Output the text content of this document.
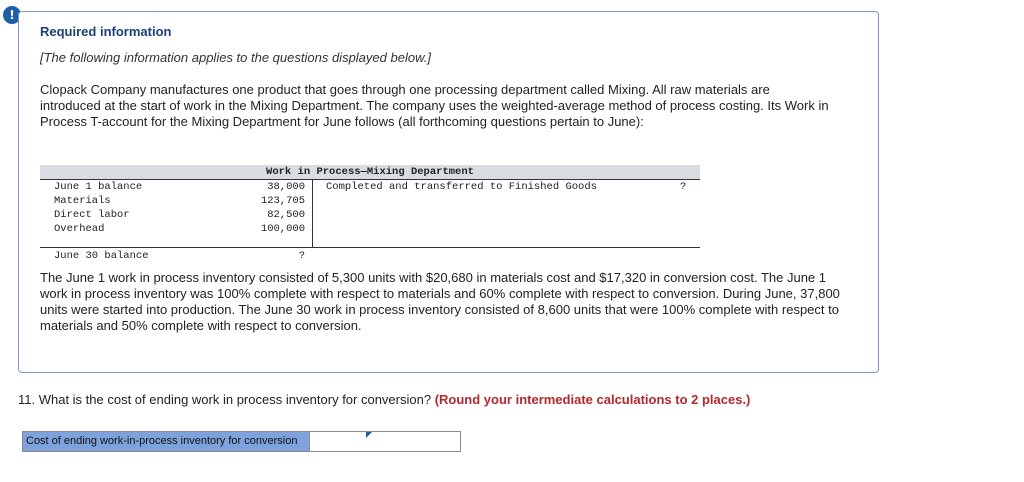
!
Required information
[The following information applies to the questions displayed below.]
Clopack Company manufactures one product that goes through one processing department called Mixing. All raw materials are introduced at the start of work in the Mixing Department. The company uses the weighted-average method of process costing. Its Work in Process T-account for the Mixing Department for June follows (all forthcoming questions pertain to June):
Work in Process—Mixing Department
June 1 balance	38,000 Completed and transferred to Finished Goods	?
Materials	123,705
Direct labor	82,500
Overhead	100,000
June 30 balance	?
The June 1 work in process inventory consisted of 5,300 units with $20,680 in materials cost and $17,320 in conversion cost. The June 1 work in process inventory was 100% complete with respect to materials and 60% complete with respect to conversion. During June, 37,800 units were started into production. The June 30 work in process inventory consisted of 8,600 units that were 100% complete with respect to materials and 50% complete with respect to conversion.
11. What is the cost of ending work in process inventory for conversion? (Round your intermediate calculations to 2 places.)
Cost of ending work-in-process inventory for conversion
